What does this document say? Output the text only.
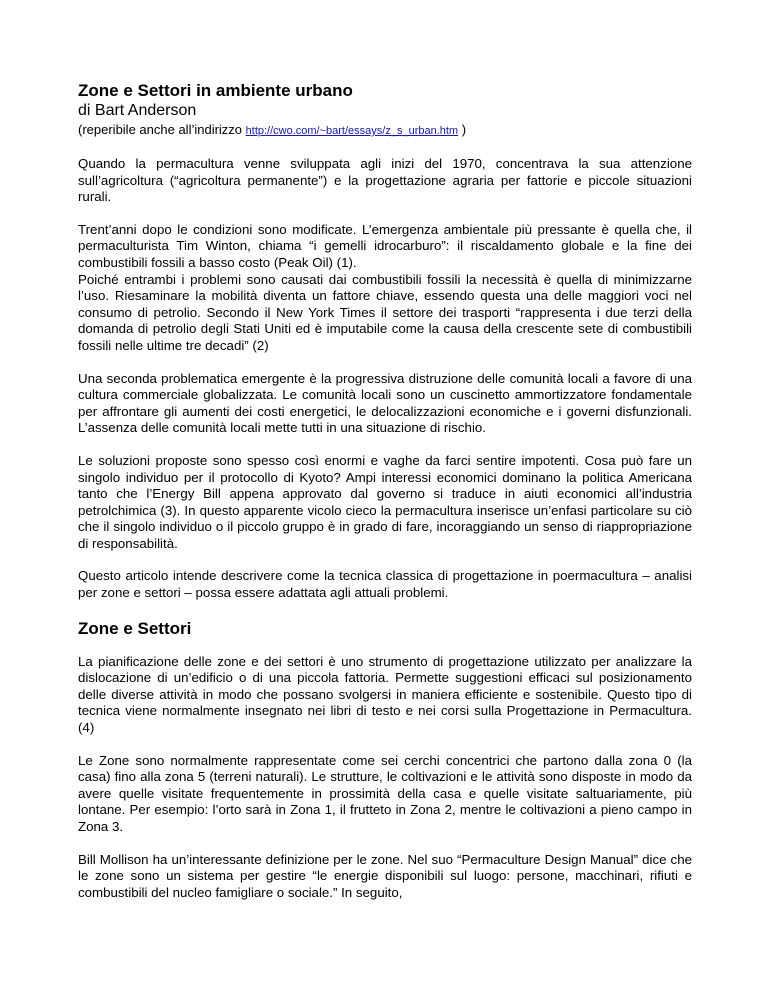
Zone e Settori in ambiente urbano
di Bart Anderson
(reperibile anche all’indirizzo http://cwo.com/~bart/essays/z_s_urban.htm )

Quando la permacultura venne sviluppata agli inizi del 1970, concentrava la sua attenzione sull’agricoltura (“agricoltura permanente”) e la progettazione agraria per fattorie e piccole situazioni rurali.

Trent’anni dopo le condizioni sono modificate. L’emergenza ambientale più pressante è quella che, il permaculturista Tim Winton, chiama “i gemelli idrocarburo”: il riscaldamento globale e la fine dei combustibili fossili a basso costo (Peak Oil) (1).

Poiché entrambi i problemi sono causati dai combustibili fossili la necessità è quella di minimizzarne l’uso. Riesaminare la mobilità diventa un fattore chiave, essendo questa una delle maggiori voci nel consumo di petrolio. Secondo il New York Times il settore dei trasporti “rappresenta i due terzi della domanda di petrolio degli Stati Uniti ed è imputabile come la causa della crescente sete di combustibili fossili nelle ultime tre decadi” (2)

Una seconda problematica emergente è la progressiva distruzione delle comunità locali a favore di una cultura commerciale globalizzata. Le comunità locali sono un cuscinetto ammortizzatore fondamentale per affrontare gli aumenti dei costi energetici, le delocalizzazioni economiche e i governi disfunzionali. L’assenza delle comunità locali mette tutti in una situazione di rischio.

Le soluzioni proposte sono spesso così enormi e vaghe da farci sentire impotenti. Cosa può fare un singolo individuo per il protocollo di Kyoto? Ampi interessi economici dominano la politica Americana tanto che l’Energy Bill appena approvato dal governo si traduce in aiuti economici all’industria petrolchimica (3). In questo apparente vicolo cieco la permacultura inserisce un’enfasi particolare su ciò che il singolo individuo o il piccolo gruppo è in grado di fare, incoraggiando un senso di riappropriazione di responsabilità.

Questo articolo intende descrivere come la tecnica classica di progettazione in poermacultura – analisi per zone e settori – possa essere adattata agli attuali problemi.

Zone e Settori

La pianificazione delle zone e dei settori è uno strumento di progettazione utilizzato per analizzare la dislocazione di un’edificio o di una piccola fattoria. Permette suggestioni efficaci sul posizionamento delle diverse attività in modo che possano svolgersi in maniera efficiente e sostenibile. Questo tipo di tecnica viene normalmente insegnato nei libri di testo e nei corsi sulla Progettazione in Permacultura. (4)

Le Zone sono normalmente rappresentate come sei cerchi concentrici che partono dalla zona 0 (la casa) fino alla zona 5 (terreni naturali). Le strutture, le coltivazioni e le attività sono disposte in modo da avere quelle visitate frequentemente in prossimità della casa e quelle visitate saltuariamente, più lontane. Per esempio: l’orto sarà in Zona 1, il frutteto in Zona 2, mentre le coltivazioni a pieno campo in Zona 3.

Bill Mollison ha un’interessante definizione per le zone. Nel suo “Permaculture Design Manual” dice che le zone sono un sistema per gestire “le energie disponibili sul luogo: persone, macchinari, rifiuti e combustibili del nucleo famigliare o sociale.” In seguito,
